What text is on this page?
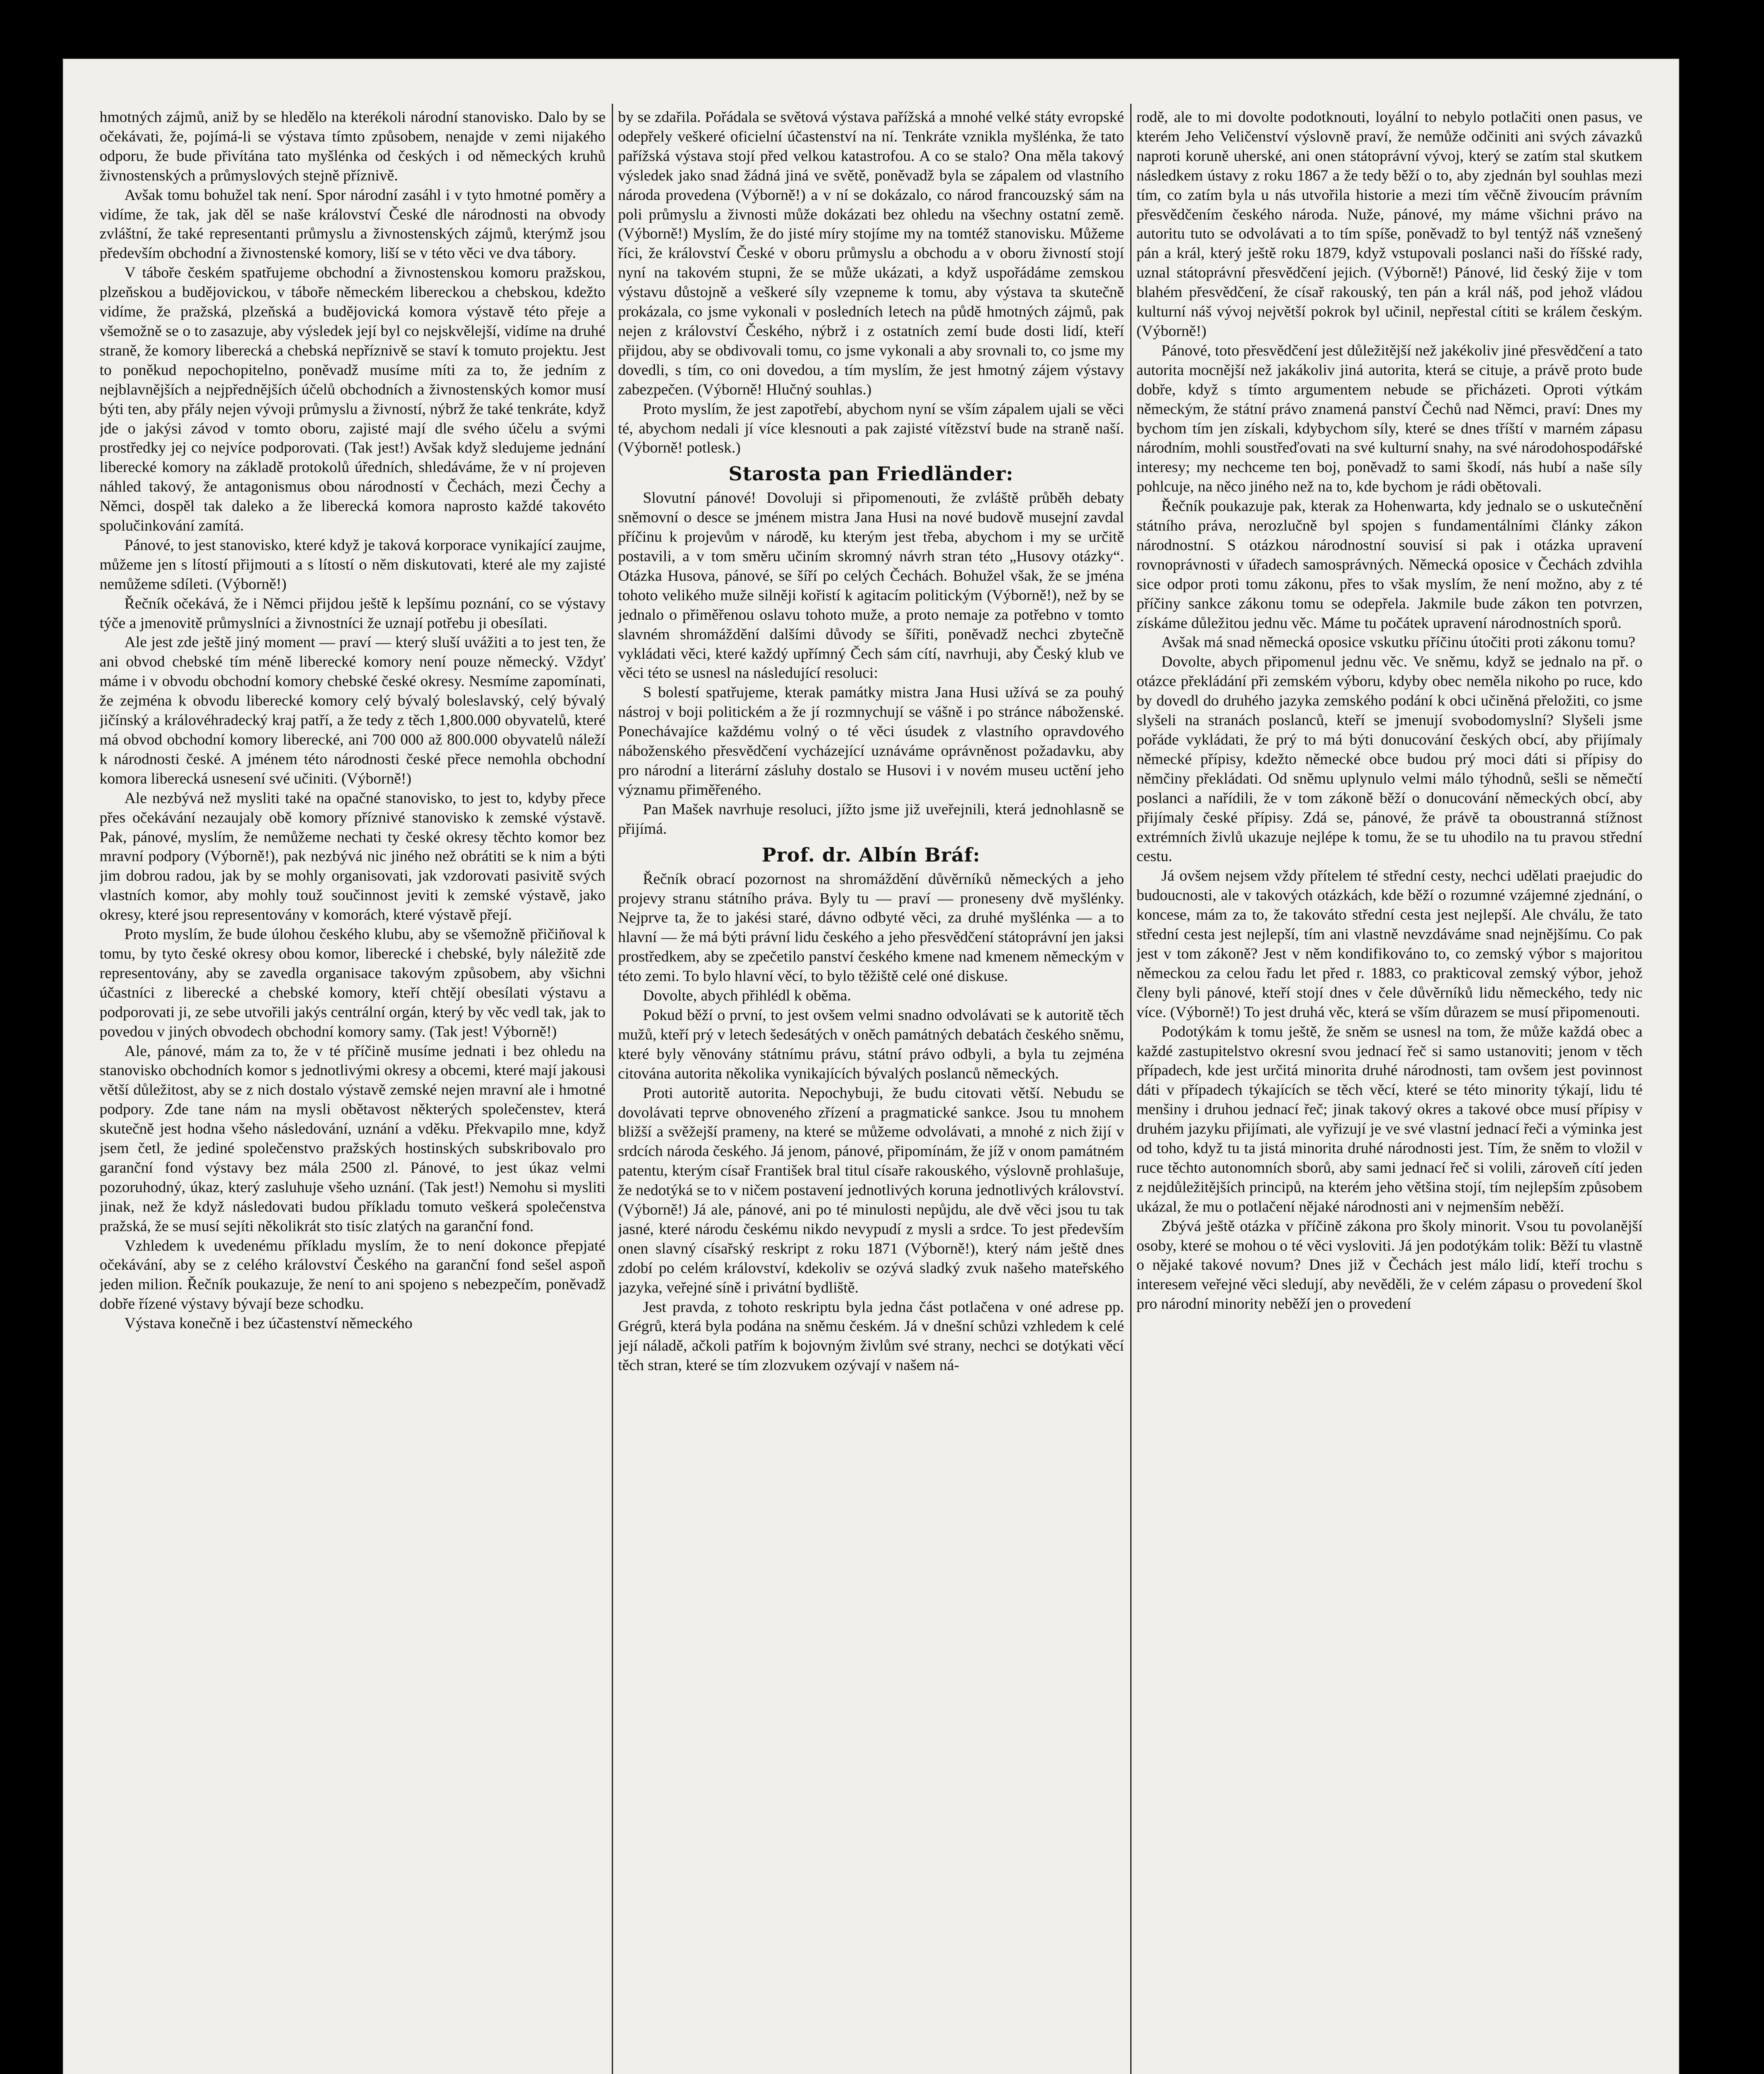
hmotných zájmů, aniž by se hledělo na kterékoli národní stanovisko. Dalo by se očekávati, že, pojímá-li se výstava tímto způsobem, nenajde v zemi nijakého odporu, že bude přivítána tato myšlénka od českých i od německých kruhů živnostenských a průmyslových stejně příznivě.

Avšak tomu bohužel tak není. Spor národní zasáhl i v tyto hmotné poměry a vidíme, že tak, jak děl se naše království České dle národnosti na obvody zvláštní, že také representanti průmyslu a živnostenských zájmů, kterýmž jsou především obchodní a živnostenské komory, liší se v této věci ve dva tábory.

V táboře českém spatřujeme obchodní a živnostenskou komoru pražskou, plzeňskou a budějovickou, v táboře německém libereckou a chebskou, kdežto vidíme, že pražská, plzeňská a budějovická komora výstavě této přeje a všemožně se o to zasazuje, aby výsledek její byl co nejskvělejší, vidíme na druhé straně, že komory liberecká a chebská nepříznivě se staví k tomuto projektu. Jest to poněkud nepochopitelno, poněvadž musíme míti za to, že jedním z nejblavnějších a nejpřednějších účelů obchodních a živnostenských komor musí býti ten, aby přály nejen vývoji průmyslu a živností, nýbrž že také tenkráte, když jde o jakýsi závod v tomto oboru, zajisté mají dle svého účelu a svými prostředky jej co nejvíce podporovati. (Tak jest!) Avšak když sledujeme jednání liberecké komory na základě protokolů úředních, shledáváme, že v ní projeven náhled takový, že antagonismus obou národností v Čechách, mezi Čechy a Němci, dospěl tak daleko a že liberecká komora naprosto každé takovéto spolučinkování zamítá.

Pánové, to jest stanovisko, které když je taková korporace vynikající zaujme, můžeme jen s lítostí přijmouti a s lítostí o něm diskutovati, které ale my zajisté nemůžeme sdíleti. (Výborně!)

Řečník očekává, že i Němci přijdou ještě k lepšímu poznání, co se výstavy týče a jmenovitě průmyslníci a živnostníci že uznají potřebu ji obesílati.

Ale jest zde ještě jiný moment — praví — který sluší uvážiti a to jest ten, že ani obvod chebské tím méně liberecké komory není pouze německý. Vždyť máme i v obvodu obchodní komory chebské české okresy. Nesmíme zapomínati, že zejména k obvodu liberecké komory celý bývalý boleslavský, celý bývalý jičínský a královéhradecký kraj patří, a že tedy z těch 1,800.000 obyvatelů, které má obvod obchodní komory liberecké, ani 700 000 až 800.000 obyvatelů náleží k národnosti české. A jménem této národnosti české přece nemohla obchodní komora liberecká usnesení své učiniti. (Výborně!)

Ale nezbývá než mysliti také na opačné stanovisko, to jest to, kdyby přece přes očekávání nezaujaly obě komory příznivé stanovisko k zemské výstavě. Pak, pánové, myslím, že nemůžeme nechati ty české okresy těchto komor bez mravní podpory (Výborně!), pak nezbývá nic jiného než obrátiti se k nim a býti jim dobrou radou, jak by se mohly organisovati, jak vzdorovati pasivitě svých vlastních komor, aby mohly touž součinnost jeviti k zemské výstavě, jako okresy, které jsou representovány v komorách, které výstavě přejí.

Proto myslím, že bude úlohou českého klubu, aby se všemožně přičiňoval k tomu, by tyto české okresy obou komor, liberecké i chebské, byly náležitě zde representovány, aby se zavedla organisace takovým způsobem, aby všichni účastníci z liberecké a chebské komory, kteří chtějí obesílati výstavu a podporovati ji, ze sebe utvořili jakýs centrální orgán, který by věc vedl tak, jak to povedou v jiných obvodech obchodní komory samy. (Tak jest! Výborně!)

Ale, pánové, mám za to, že v té příčině musíme jednati i bez ohledu na stanovisko obchodních komor s jednotlivými okresy a obcemi, které mají jakousi větší důležitost, aby se z nich dostalo výstavě zemské nejen mravní ale i hmotné podpory. Zde tane nám na mysli obětavost některých společenstev, která skutečně jest hodna všeho následování, uznání a vděku. Překvapilo mne, když jsem četl, že jediné společenstvo pražských hostinských subskribovalo pro garanční fond výstavy bez mála 2500 zl. Pánové, to jest úkaz velmi pozoruhodný, úkaz, který zasluhuje všeho uznání. (Tak jest!) Nemohu si mysliti jinak, než že když následovati budou příkladu tomuto veškerá společenstva pražská, že se musí sejíti několikrát sto tisíc zlatých na garanční fond.

Vzhledem k uvedenému příkladu myslím, že to není dokonce přepjaté očekávání, aby se z celého království Českého na garanční fond sešel aspoň jeden milion. Řečník poukazuje, že není to ani spojeno s nebezpečím, poněvadž dobře řízené výstavy bývají beze schodku.

Výstava konečně i bez účastenství německého

by se zdařila. Pořádala se světová výstava pařížská a mnohé velké státy evropské odepřely veškeré oficielní účastenství na ní. Tenkráte vznikla myšlénka, že tato pařížská výstava stojí před velkou katastrofou. A co se stalo? Ona měla takový výsledek jako snad žádná jiná ve světě, poněvadž byla se zápalem od vlastního národa provedena (Výborně!) a v ní se dokázalo, co národ francouzský sám na poli průmyslu a živnosti může dokázati bez ohledu na všechny ostatní země. (Výborně!) Myslím, že do jisté míry stojíme my na tomtéž stanovisku. Můžeme říci, že království České v oboru průmyslu a obchodu a v oboru živností stojí nyní na takovém stupni, že se může ukázati, a když uspořádáme zemskou výstavu důstojně a veškeré síly vzepneme k tomu, aby výstava ta skutečně prokázala, co jsme vykonali v posledních letech na půdě hmotných zájmů, pak nejen z království Českého, nýbrž i z ostatních zemí bude dosti lidí, kteří přijdou, aby se obdivovali tomu, co jsme vykonali a aby srovnali to, co jsme my dovedli, s tím, co oni dovedou, a tím myslím, že jest hmotný zájem výstavy zabezpečen. (Výborně! Hlučný souhlas.)

Proto myslím, že jest zapotřebí, abychom nyní se vším zápalem ujali se věci té, abychom nedali jí více klesnouti a pak zajisté vítězství bude na straně naší. (Výborně! potlesk.)

Starosta pan Friedländer:

Slovutní pánové! Dovoluji si připomenouti, že zvláště průběh debaty sněmovní o desce se jménem mistra Jana Husi na nové budově musejní zavdal příčinu k projevům v národě, ku kterým jest třeba, abychom i my se určitě postavili, a v tom směru učiním skromný návrh stran této „Husovy otázky“. Otázka Husova, pánové, se šíří po celých Čechách. Bohužel však, že se jména tohoto velikého muže silněji kořistí k agitacím politickým (Výborně!), než by se jednalo o přiměřenou oslavu tohoto muže, a proto nemaje za potřebno v tomto slavném shromáždění dalšími důvody se šířiti, poněvadž nechci zbytečně vykládati věci, které každý upřímný Čech sám cítí, navrhuji, aby Český klub ve věci této se usnesl na následující resoluci:

S bolestí spatřujeme, kterak památky mistra Jana Husi užívá se za pouhý nástroj v boji politickém a že jí rozmnychují se vášně i po stránce náboženské. Ponechávajíce každému volný o té věci úsudek z vlastního opravdového náboženského přesvědčení vycházející uznáváme oprávněnost požadavku, aby pro národní a literární zásluhy dostalo se Husovi i v novém museu uctění jeho významu přiměřeného.

Pan Mašek navrhuje resoluci, jížto jsme již uveřejnili, která jednohlasně se přijímá.

Prof. dr. Albín Bráf:

Řečník obrací pozornost na shromáždění důvěrníků německých a jeho projevy stranu státního práva. Byly tu — praví — proneseny dvě myšlénky. Nejprve ta, že to jakési staré, dávno odbyté věci, za druhé myšlénka — a to hlavní — že má býti právní lidu českého a jeho přesvědčení státoprávní jen jaksi prostředkem, aby se zpečetilo panství českého kmene nad kmenem německým v této zemi. To bylo hlavní věcí, to bylo těžiště celé oné diskuse.

Dovolte, abych přihlédl k oběma.

Pokud běží o první, to jest ovšem velmi snadno odvolávati se k autoritě těch mužů, kteří prý v letech šedesátých v oněch památných debatách českého sněmu, které byly věnovány státnímu právu, státní právo odbyli, a byla tu zejména citována autorita několika vynikajících bývalých poslanců německých.

Proti autoritě autorita. Nepochybuji, že budu citovati větší. Nebudu se dovolávati teprve obnoveného zřízení a pragmatické sankce. Jsou tu mnohem bližší a svěžejší prameny, na které se můžeme odvolávati, a mnohé z nich žijí v srdcích národa českého. Já jenom, pánové, připomínám, že jíž v onom památném patentu, kterým císař František bral titul císaře rakouského, výslovně prohlašuje, že nedotýká se to v ničem postavení jednotlivých koruna jednotlivých království. (Výborně!) Já ale, pánové, ani po té minulosti nepůjdu, ale dvě věci jsou tu tak jasné, které národu českému nikdo nevypudí z mysli a srdce. To jest především onen slavný císařský reskript z roku 1871 (Výborně!), který nám ještě dnes zdobí po celém království, kdekoliv se ozývá sladký zvuk našeho mateřského jazyka, veřejné síně i privátní bydliště.

Jest pravda, z tohoto reskriptu byla jedna část potlačena v oné adrese pp. Grégrů, která byla podána na sněmu českém. Já v dnešní schůzi vzhledem k celé její náladě, ačkoli patřím k bojovným živlům své strany, nechci se dotýkati věcí těch stran, které se tím zlozvukem ozývají v našem ná-

rodě, ale to mi dovolte podotknouti, loyální to nebylo potlačiti onen pasus, ve kterém Jeho Veličenství výslovně praví, že nemůže odčiniti ani svých závazků naproti koruně uherské, ani onen státoprávní vývoj, který se zatím stal skutkem následkem ústavy z roku 1867 a že tedy běží o to, aby zjednán byl souhlas mezi tím, co zatím byla u nás utvořila historie a mezi tím věčně živoucím právním přesvědčením českého národa. Nuže, pánové, my máme všichni právo na autoritu tuto se odvolávati a to tím spíše, poněvadž to byl tentýž náš vznešený pán a král, který ještě roku 1879, když vstupovali poslanci naši do říšské rady, uznal státoprávní přesvědčení jejich. (Výborně!) Pánové, lid český žije v tom blahém přesvědčení, že císař rakouský, ten pán a král náš, pod jehož vládou kulturní náš vývoj největší pokrok byl učinil, nepřestal cítiti se králem českým. (Výborně!)

Pánové, toto přesvědčení jest důležitější než jakékoliv jiné přesvědčení a tato autorita mocnější než jakákoliv jiná autorita, která se cituje, a právě proto bude dobře, když s tímto argumentem nebude se přicházeti. Oproti výtkám německým, že státní právo znamená panství Čechů nad Němci, praví: Dnes my bychom tím jen získali, kdybychom síly, které se dnes tříští v marném zápasu národním, mohli soustřeďovati na své kulturní snahy, na své národohospodářské interesy; my nechceme ten boj, poněvadž to sami škodí, nás hubí a naše síly pohlcuje, na něco jiného než na to, kde bychom je rádi obětovali.

Řečník poukazuje pak, kterak za Hohenwarta, kdy jednalo se o uskutečnění státního práva, nerozlučně byl spojen s fundamentálními články zákon národnostní. S otázkou národnostní souvisí si pak i otázka upravení rovnoprávnosti v úřadech samosprávných. Německá oposice v Čechách zdvihla sice odpor proti tomu zákonu, přes to však myslím, že není možno, aby z té příčiny sankce zákonu tomu se odepřela. Jakmile bude zákon ten potvrzen, získáme důležitou jednu věc. Máme tu počátek upravení národnostních sporů.

Avšak má snad německá oposice vskutku příčinu útočiti proti zákonu tomu?

Dovolte, abych připomenul jednu věc. Ve sněmu, když se jednalo na př. o otázce překládání při zemském výboru, kdyby obec neměla nikoho po ruce, kdo by dovedl do druhého jazyka zemského podání k obci učiněná přeložiti, co jsme slyšeli na stranách poslanců, kteří se jmenují svobodomyslní? Slyšeli jsme pořáde vykládati, že prý to má býti donucování českých obcí, aby přijímaly německé přípisy, kdežto německé obce budou prý moci dáti si přípisy do němčiny překládati. Od sněmu uplynulo velmi málo týhodnů, sešli se němečtí poslanci a nařídili, že v tom zákoně běží o donucování německých obcí, aby přijímaly české přípisy. Zdá se, pánové, že právě ta oboustranná stížnost extrémních živlů ukazuje nejlépe k tomu, že se tu uhodilo na tu pravou střední cestu.

Já ovšem nejsem vždy přítelem té střední cesty, nechci udělati praejudic do budoucnosti, ale v takových otázkách, kde běží o rozumné vzájemné zjednání, o koncese, mám za to, že takováto střední cesta jest nejlepší. Ale chválu, že tato střední cesta jest nejlepší, tím ani vlastně nevzdáváme snad nejnějšímu. Co pak jest v tom zákoně? Jest v něm kondifikováno to, co zemský výbor s majoritou německou za celou řadu let před r. 1883, co prakticoval zemský výbor, jehož členy byli pánové, kteří stojí dnes v čele důvěrníků lidu německého, tedy nic více. (Výborně!) To jest druhá věc, která se vším důrazem se musí připomenouti.

Podotýkám k tomu ještě, že sněm se usnesl na tom, že může každá obec a každé zastupitelstvo okresní svou jednací řeč si samo ustanoviti; jenom v těch případech, kde jest určitá minorita druhé národnosti, tam ovšem jest povinnost dáti v případech týkajících se těch věcí, které se této minority týkají, lidu té menšiny i druhou jednací řeč; jinak takový okres a takové obce musí přípisy v druhém jazyku přijímati, ale vyřizují je ve své vlastní jednací řeči a výminka jest od toho, když tu ta jistá minorita druhé národnosti jest. Tím, že sněm to vložil v ruce těchto autonomních sborů, aby sami jednací řeč si volili, zároveň cítí jeden z nejdůležitějších principů, na kterém jeho většina stojí, tím nejlepším způsobem ukázal, že mu o potlačení nějaké národnosti ani v nejmenším neběží.

Zbývá ještě otázka v příčině zákona pro školy minorit. Vsou tu povolanější osoby, které se mohou o té věci vysloviti. Já jen podotýkám tolik: Běží tu vlastně o nějaké takové novum? Dnes již v Čechách jest málo lidí, kteří trochu s interesem veřejné věci sledují, aby nevěděli, že v celém zápasu o provedení škol pro národní minority neběží jen o provedení
